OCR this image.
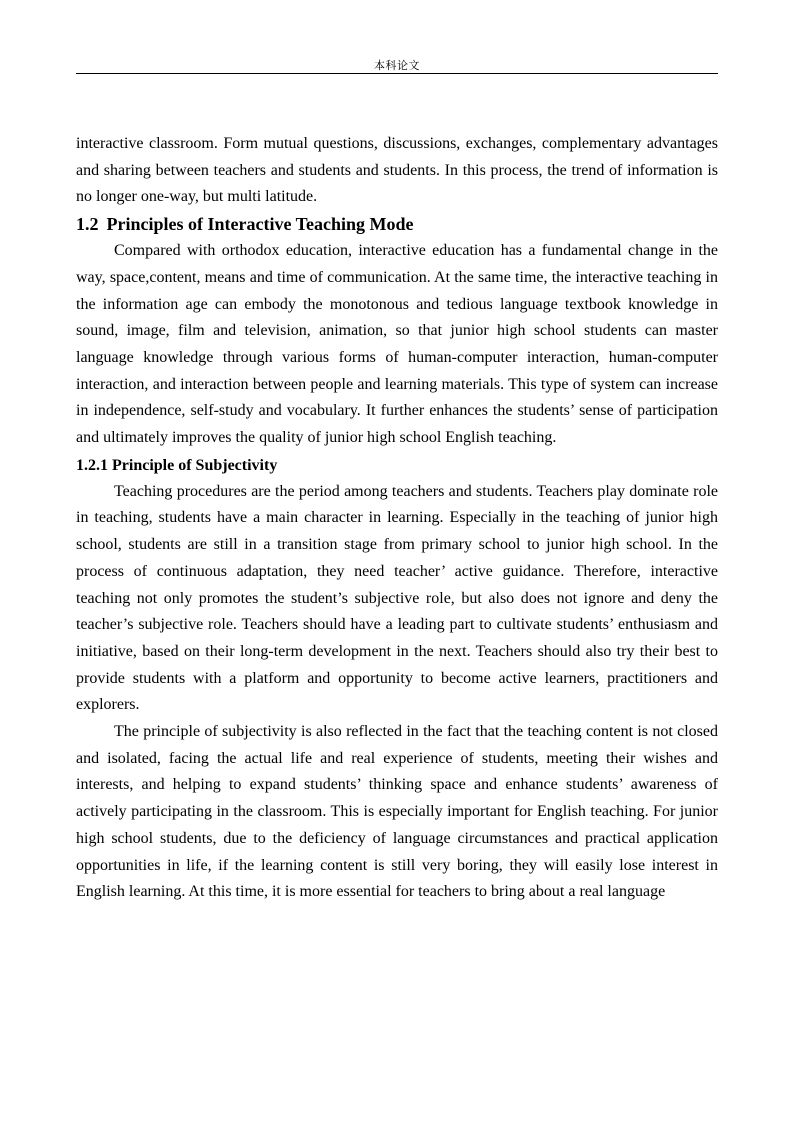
本科论文

interactive classroom. Form mutual questions, discussions, exchanges, complementary advantages and sharing between teachers and students and students. In this process, the trend of information is no longer one-way, but multi latitude.

1.2 Principles of Interactive Teaching Mode

Compared with orthodox education, interactive education has a fundamental change in the way, space,content, means and time of communication. At the same time, the interactive teaching in the information age can embody the monotonous and tedious language textbook knowledge in sound, image, film and television, animation, so that junior high school students can master language knowledge through various forms of human-computer interaction, human-computer interaction, and interaction between people and learning materials. This type of system can increase in independence, self-study and vocabulary. It further enhances the students’ sense of participation and ultimately improves the quality of junior high school English teaching.

1.2.1 Principle of Subjectivity

Teaching procedures are the period among teachers and students. Teachers play dominate role in teaching, students have a main character in learning. Especially in the teaching of junior high school, students are still in a transition stage from primary school to junior high school. In the process of continuous adaptation, they need teacher’ active guidance. Therefore, interactive teaching not only promotes the student’s subjective role, but also does not ignore and deny the teacher’s subjective role. Teachers should have a leading part to cultivate students’ enthusiasm and initiative, based on their long-term development in the next. Teachers should also try their best to provide students with a platform and opportunity to become active learners, practitioners and explorers.

The principle of subjectivity is also reflected in the fact that the teaching content is not closed and isolated, facing the actual life and real experience of students, meeting their wishes and interests, and helping to expand students’ thinking space and enhance students’ awareness of actively participating in the classroom. This is especially important for English teaching. For junior high school students, due to the deficiency of language circumstances and practical application opportunities in life, if the learning content is still very boring, they will easily lose interest in English learning. At this time, it is more essential for teachers to bring about a real language
